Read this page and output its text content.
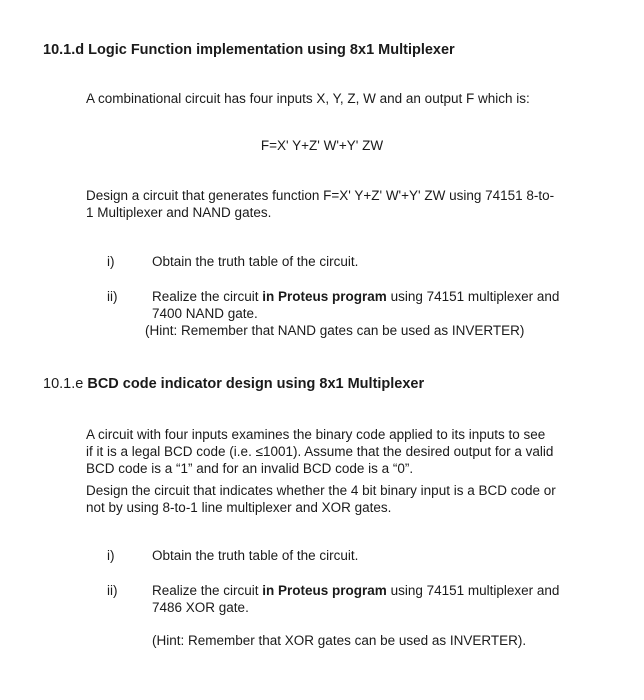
10.1.d Logic Function implementation using 8x1 Multiplexer
A combinational circuit has four inputs X, Y, Z, W and an output F which is:
F=X' Y+Z' W'+Y' ZW
Design a circuit that generates function F=X' Y+Z' W'+Y' ZW using 74151 8-to-
1 Multiplexer and NAND gates.
i)	Obtain the truth table of the circuit.
ii)	Realize the circuit in Proteus program using 74151 multiplexer and
7400 NAND gate.
(Hint: Remember that NAND gates can be used as INVERTER)
10.1.e BCD code indicator design using 8x1 Multiplexer
A circuit with four inputs examines the binary code applied to its inputs to see
if it is a legal BCD code (i.e. ≤1001). Assume that the desired output for a valid
BCD code is a “1” and for an invalid BCD code is a “0”.
Design the circuit that indicates whether the 4 bit binary input is a BCD code or
not by using 8-to-1 line multiplexer and XOR gates.
i)	Obtain the truth table of the circuit.
ii)	Realize the circuit in Proteus program using 74151 multiplexer and
7486 XOR gate.
(Hint: Remember that XOR gates can be used as INVERTER).
